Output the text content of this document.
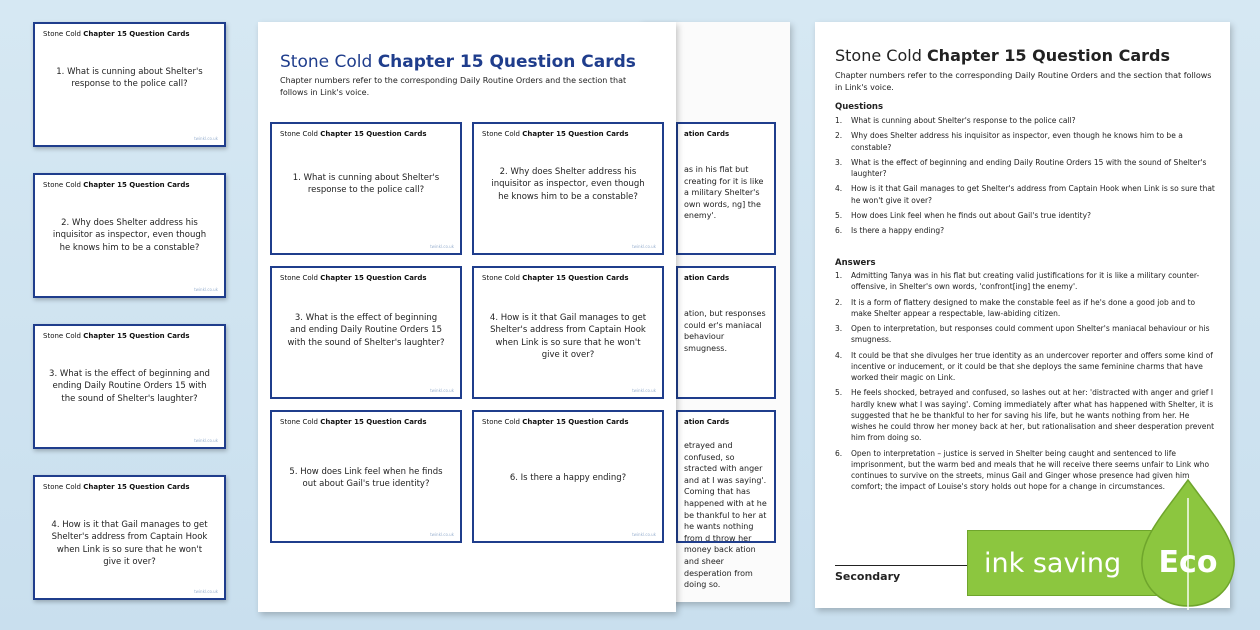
Stone Cold Chapter 15 Question Cards
1. What is cunning about Shelter's response to the police call?
twinkl.co.uk
Stone Cold Chapter 15 Question Cards
2. Why does Shelter address his inquisitor as inspector, even though he knows him to be a constable?
twinkl.co.uk
Stone Cold Chapter 15 Question Cards
3. What is the effect of beginning and ending Daily Routine Orders 15 with the sound of Shelter's laughter?
twinkl.co.uk
Stone Cold Chapter 15 Question Cards
4. How is it that Gail manages to get Shelter's address from Captain Hook when Link is so sure that he won't give it over?
twinkl.co.uk
ation Cards
as in his flat but creating for it is like a military Shelter's own words, ng] the enemy'.
ation Cards
ation, but responses could er's maniacal behaviour smugness.
ation Cards
etrayed and confused, so stracted with anger and at I was saying'. Coming that has happened with at he be thankful to her at he wants nothing from d throw her money back ation and sheer desperation from doing so.
Stone Cold Chapter 15 Question Cards
Chapter numbers refer to the corresponding Daily Routine Orders and the section that follows in Link's voice.
Stone Cold Chapter 15 Question Cards
1. What is cunning about Shelter's response to the police call?
twinkl.co.uk
Stone Cold Chapter 15 Question Cards
2. Why does Shelter address his inquisitor as inspector, even though he knows him to be a constable?
twinkl.co.uk
Stone Cold Chapter 15 Question Cards
3. What is the effect of beginning and ending Daily Routine Orders 15 with the sound of Shelter's laughter?
twinkl.co.uk
Stone Cold Chapter 15 Question Cards
4. How is it that Gail manages to get Shelter's address from Captain Hook when Link is so sure that he won't give it over?
twinkl.co.uk
Stone Cold Chapter 15 Question Cards
5. How does Link feel when he finds out about Gail's true identity?
twinkl.co.uk
Stone Cold Chapter 15 Question Cards
6. Is there a happy ending?
twinkl.co.uk
Stone Cold Chapter 15 Question Cards
Chapter numbers refer to the corresponding Daily Routine Orders and the section that follows in Link's voice.
Questions
1.	What is cunning about Shelter's response to the police call?
2.	Why does Shelter address his inquisitor as inspector, even though he knows him to be a constable?
3.	What is the effect of beginning and ending Daily Routine Orders 15 with the sound of Shelter's laughter?
4.	How is it that Gail manages to get Shelter's address from Captain Hook when Link is so sure that he won't give it over?
5.	How does Link feel when he finds out about Gail's true identity?
6.	Is there a happy ending?
Answers
1.	Admitting Tanya was in his flat but creating valid justifications for it is like a military counter-offensive, in Shelter's own words, 'confront[ing] the enemy'.
2.	It is a form of flattery designed to make the constable feel as if he's done a good job and to make Shelter appear a respectable, law-abiding citizen.
3.	Open to interpretation, but responses could comment upon Shelter's maniacal behaviour or his smugness.
4.	It could be that she divulges her true identity as an undercover reporter and offers some kind of incentive or inducement, or it could be that she deploys the same feminine charms that have worked their magic on Link.
5.	He feels shocked, betrayed and confused, so lashes out at her: 'distracted with anger and grief I hardly knew what I was saying'. Coming immediately after what has happened with Shelter, it is suggested that he be thankful to her for saving his life, but he wants nothing from her. He wishes he could throw her money back at her, but rationalisation and sheer desperation prevent him from doing so.
6.	Open to interpretation – justice is served in Shelter being caught and sentenced to life imprisonment, but the warm bed and meals that he will receive there seems unfair to Link who continues to survive on the streets, minus Gail and Ginger whose presence had given him comfort; the impact of Louise's story holds out hope for a change in circumstances.
Secondary	ink saving Eco
